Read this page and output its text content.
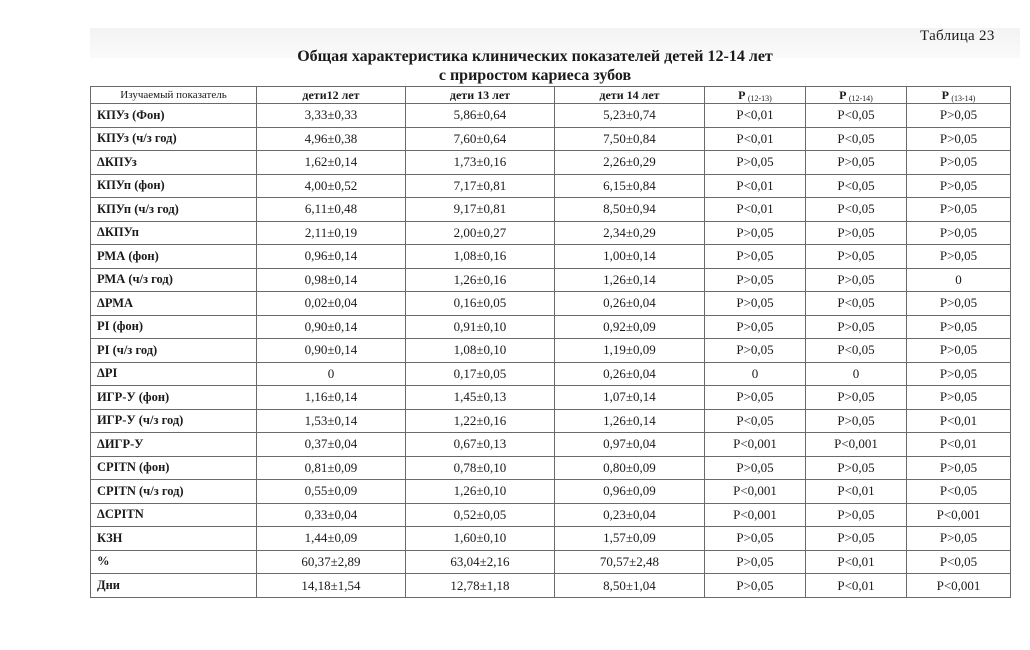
Таблица 23
Общая характеристика клинических показателей детей 12-14 лет
с приростом кариеса зубов
Изучаемый показатель	дети12 лет	дети 13 лет	дети 14 лет	P $_{(12-13)}$	P $_{(12-14)}$	P $_{(13-14)}$
КПУз (Фон)	3,33±0,33	5,86±0,64	5,23±0,74	P<0,01	P<0,05	P>0,05
КПУз (ч/з год)	4,96±0,38	7,60±0,64	7,50±0,84	P<0,01	P<0,05	P>0,05
ΔКПУз	1,62±0,14	1,73±0,16	2,26±0,29	P>0,05	P>0,05	P>0,05
КПУп (фон)	4,00±0,52	7,17±0,81	6,15±0,84	P<0,01	P<0,05	P>0,05
КПУп (ч/з год)	6,11±0,48	9,17±0,81	8,50±0,94	P<0,01	P<0,05	P>0,05
ΔКПУп	2,11±0,19	2,00±0,27	2,34±0,29	P>0,05	P>0,05	P>0,05
РМА (фон)	0,96±0,14	1,08±0,16	1,00±0,14	P>0,05	P>0,05	P>0,05
РМА (ч/з год)	0,98±0,14	1,26±0,16	1,26±0,14	P>0,05	P>0,05	0
ΔРМА	0,02±0,04	0,16±0,05	0,26±0,04	P>0,05	P<0,05	P>0,05
PI (фон)	0,90±0,14	0,91±0,10	0,92±0,09	P>0,05	P>0,05	P>0,05
PI (ч/з год)	0,90±0,14	1,08±0,10	1,19±0,09	P>0,05	P<0,05	P>0,05
ΔPI	0	0,17±0,05	0,26±0,04	0	0	P>0,05
ИГР-У (фон)	1,16±0,14	1,45±0,13	1,07±0,14	P>0,05	P>0,05	P>0,05
ИГР-У (ч/з год)	1,53±0,14	1,22±0,16	1,26±0,14	P<0,05	P>0,05	P<0,01
ΔИГР-У	0,37±0,04	0,67±0,13	0,97±0,04	P<0,001	P<0,001	P<0,01
CPITN (фон)	0,81±0,09	0,78±0,10	0,80±0,09	P>0,05	P>0,05	P>0,05
CPITN (ч/з год)	0,55±0,09	1,26±0,10	0,96±0,09	P<0,001	P<0,01	P<0,05
ΔCPITN	0,33±0,04	0,52±0,05	0,23±0,04	P<0,001	P>0,05	P<0,001
КЗН	1,44±0,09	1,60±0,10	1,57±0,09	P>0,05	P>0,05	P>0,05
%	60,37±2,89	63,04±2,16	70,57±2,48	P>0,05	P<0,01	P<0,05
Дни	14,18±1,54	12,78±1,18	8,50±1,04	P>0,05	P<0,01	P<0,001
